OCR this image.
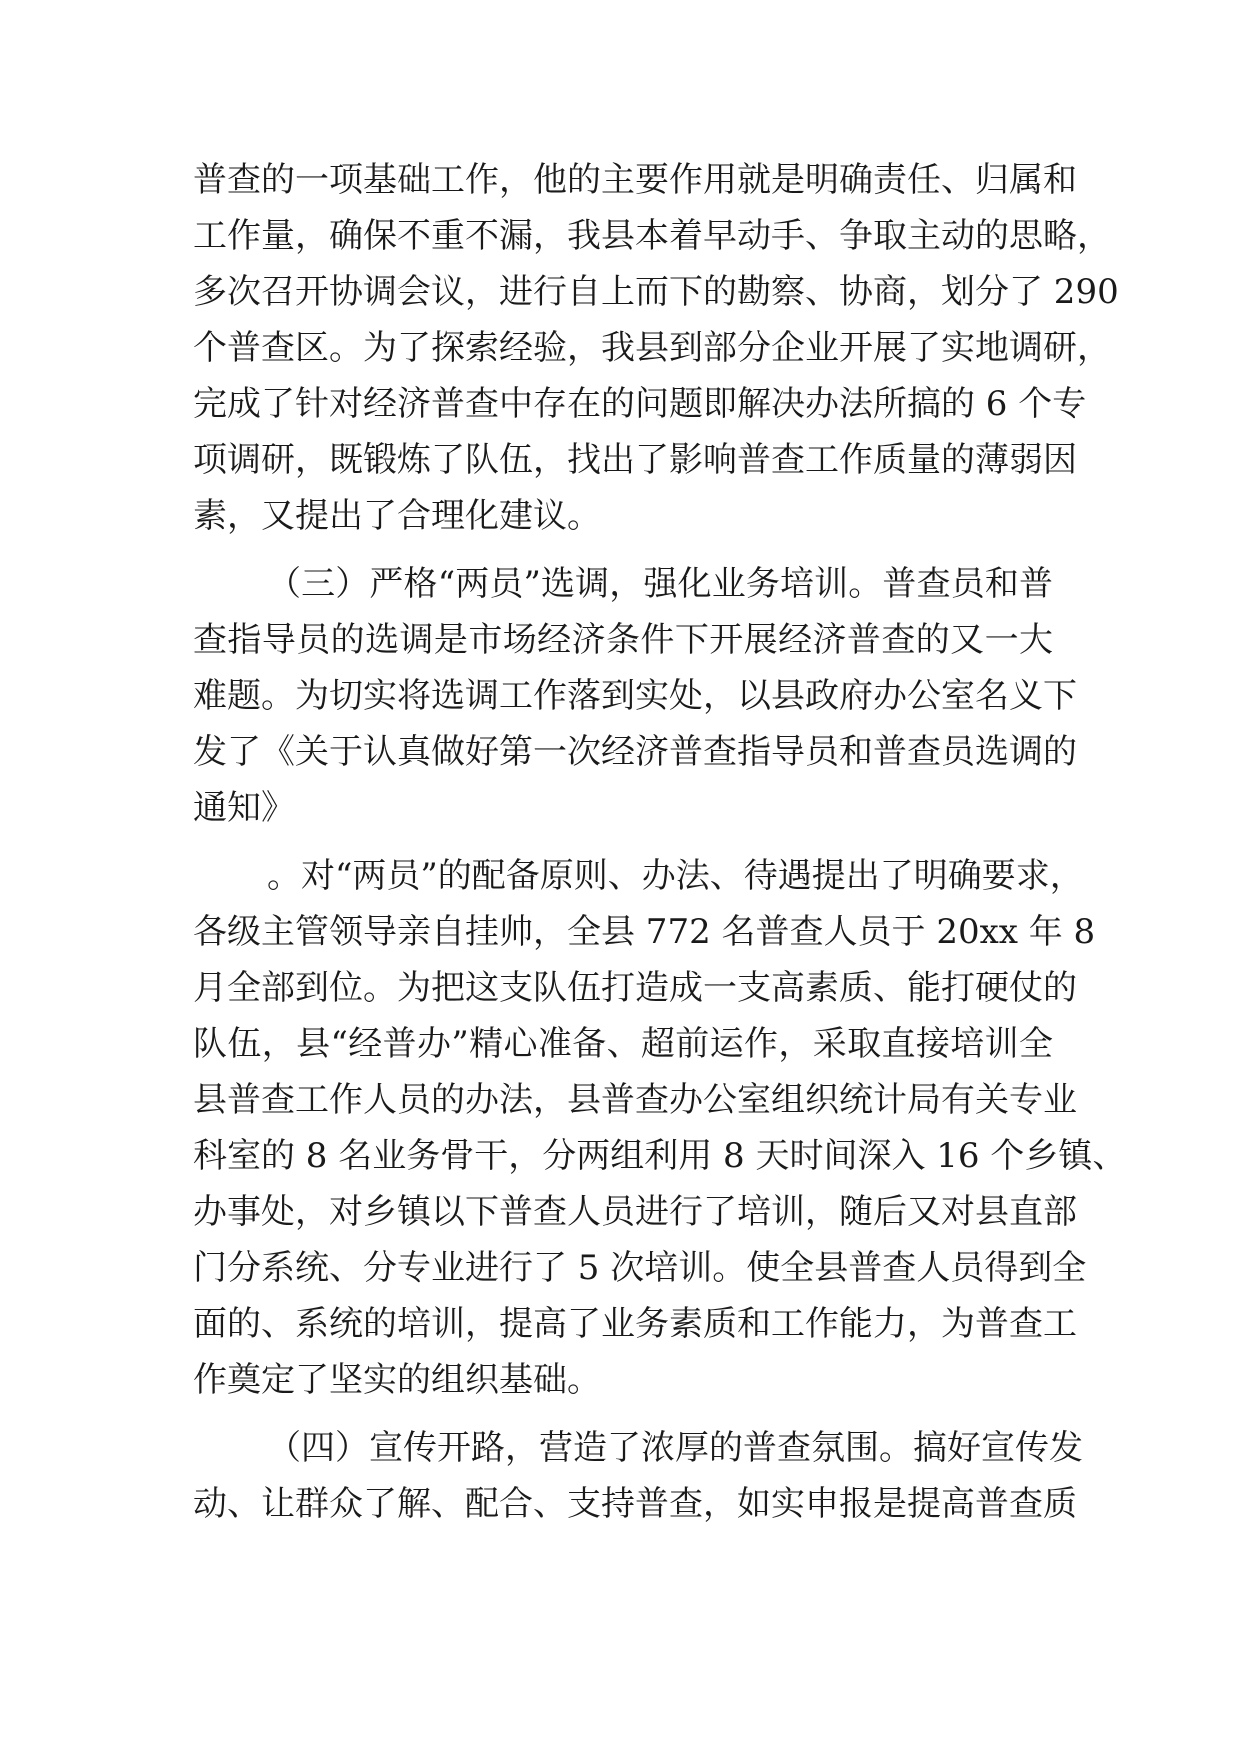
普查的一项基础工作，他的主要作用就是明确责任、归属和
工作量，确保不重不漏，我县本着早动手、争取主动的思略，
多次召开协调会议，进行自上而下的勘察、协商，划分了 290
个普查区。为了探索经验，我县到部分企业开展了实地调研，
完成了针对经济普查中存在的问题即解决办法所搞的 6 个专
项调研，既锻炼了队伍，找出了影响普查工作质量的薄弱因
素，又提出了合理化建议。
（三）严格“两员”选调，强化业务培训。普查员和普
查指导员的选调是市场经济条件下开展经济普查的又一大
难题。为切实将选调工作落到实处，以县政府办公室名义下
发了《关于认真做好第一次经济普查指导员和普查员选调的
通知》
。对“两员”的配备原则、办法、待遇提出了明确要求，
各级主管领导亲自挂帅，全县 772 名普查人员于 20xx 年 8
月全部到位。为把这支队伍打造成一支高素质、能打硬仗的
队伍，县“经普办”精心准备、超前运作，采取直接培训全
县普查工作人员的办法，县普查办公室组织统计局有关专业
科室的 8 名业务骨干，分两组利用 8 天时间深入 16 个乡镇、
办事处，对乡镇以下普查人员进行了培训，随后又对县直部
门分系统、分专业进行了 5 次培训。使全县普查人员得到全
面的、系统的培训，提高了业务素质和工作能力，为普查工
作奠定了坚实的组织基础。
（四）宣传开路，营造了浓厚的普查氛围。搞好宣传发
动、让群众了解、配合、支持普查，如实申报是提高普查质
